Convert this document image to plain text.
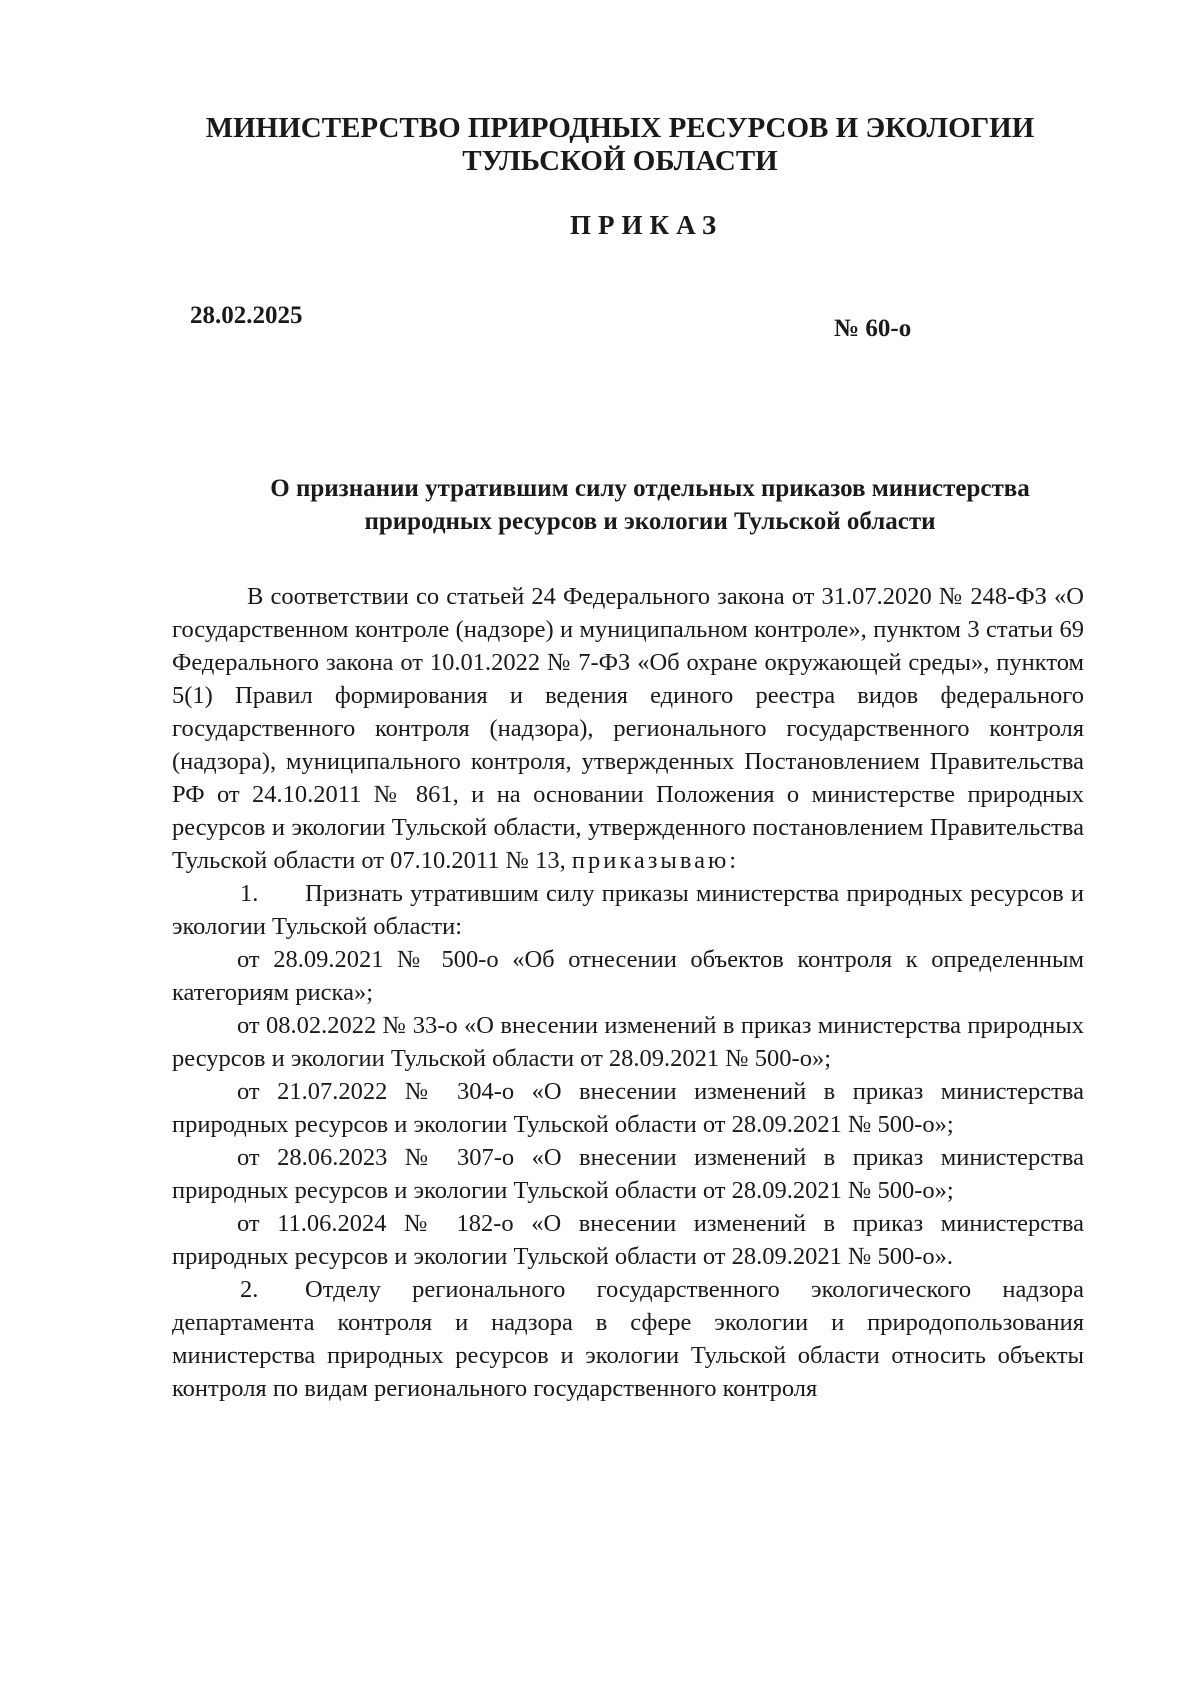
МИНИСТЕРСТВО ПРИРОДНЫХ РЕСУРСОВ И ЭКОЛОГИИ
ТУЛЬСКОЙ ОБЛАСТИ
ПРИКАЗ
28.02.2025	№ 60-о
О признании утратившим силу отдельных приказов министерства
природных ресурсов и экологии Тульской области

В соответствии со статьей 24 Федерального закона от 31.07.2020 № 248-ФЗ «О государственном контроле (надзоре) и муниципальном контроле», пунктом 3 статьи 69 Федерального закона от 10.01.2022 № 7-ФЗ «Об охране окружающей среды», пунктом 5(1) Правил формирования и ведения единого реестра видов федерального государственного контроля (надзора), регионального государственного контроля (надзора), муниципального контроля, утвержденных Постановлением Правительства РФ от 24.10.2011 № 861, и на основании Положения о министерстве природных ресурсов и экологии Тульской области, утвержденного постановлением Правительства Тульской области от 07.10.2011 № 13, приказываю:

1. Признать утратившим силу приказы министерства природных ресурсов и экологии Тульской области:

от 28.09.2021 № 500-о «Об отнесении объектов контроля к определенным категориям риска»;

от 08.02.2022 № 33-о «О внесении изменений в приказ министерства природных ресурсов и экологии Тульской области от 28.09.2021 № 500-о»;

от 21.07.2022 № 304-о «О внесении изменений в приказ министерства природных ресурсов и экологии Тульской области от 28.09.2021 № 500-о»;

от 28.06.2023 № 307-о «О внесении изменений в приказ министерства природных ресурсов и экологии Тульской области от 28.09.2021 № 500-о»;

от 11.06.2024 № 182-о «О внесении изменений в приказ министерства природных ресурсов и экологии Тульской области от 28.09.2021 № 500-о».

2. Отделу регионального государственного экологического надзора департамента контроля и надзора в сфере экологии и природопользования министерства природных ресурсов и экологии Тульской области относить объекты контроля по видам регионального государственного контроля
